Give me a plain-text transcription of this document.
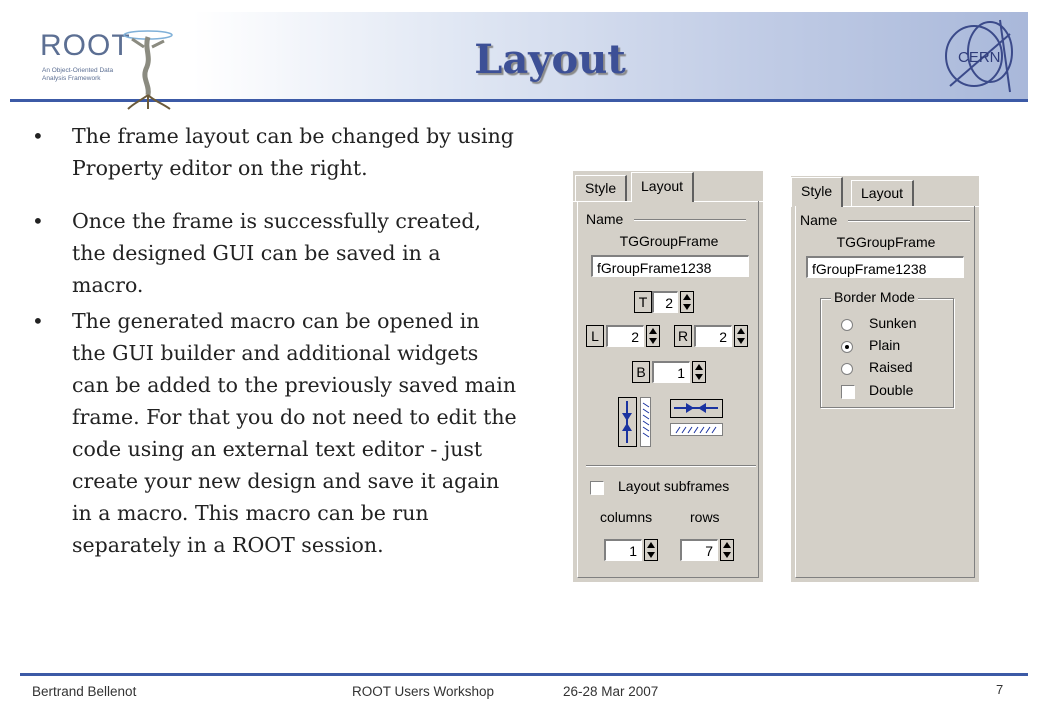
ROOT
An Object-Oriented Data Analysis Framework	Layout	CERN
• The frame layout can be changed by using Property editor on the right.
• Once the frame is successfully created, the designed GUI can be saved in a macro.
• The generated macro can be opened in the GUI builder and additional widgets can be added to the previously saved main frame. For that you do not need to edit the code using an external text editor - just create your new design and save it again in a macro. This macro can be run separately in a ROOT session.
Style	Layout
Name
TGGroupFrame
fGroupFrame1238
T	2
L	2	R	2
B	1
Layout subframes
columns	rows
1	7
Style	Layout
Name
TGGroupFrame
fGroupFrame1238
Border Mode
Sunken
Plain
Raised
Double
Bertrand Bellenot	ROOT Users Workshop	26-28 Mar 2007	7
